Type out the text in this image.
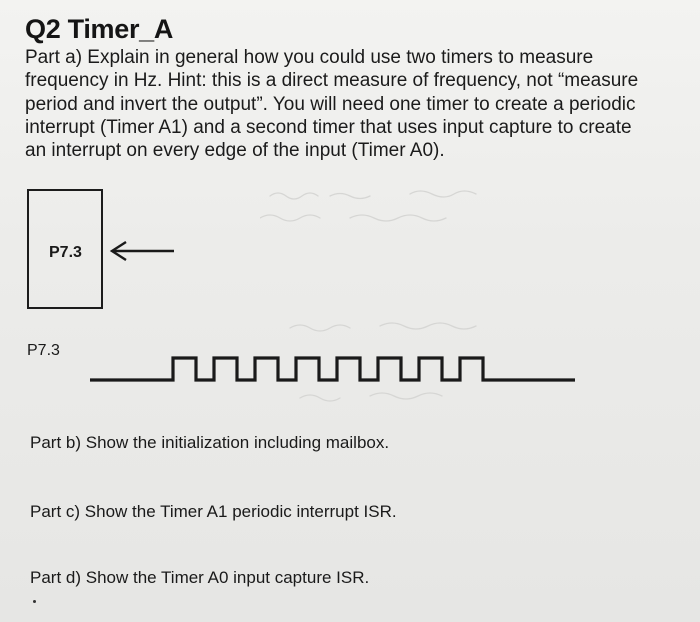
Q2 Timer_A
Part a) Explain in general how you could use two timers to measure
frequency in Hz. Hint: this is a direct measure of frequency, not “measure
period and invert the output”. You will need one timer to create a periodic
interrupt (Timer A1) and a second timer that uses input capture to create
an interrupt on every edge of the input (Timer A0).
P7.3
P7.3
Part b) Show the initialization including mailbox.
Part c) Show the Timer A1 periodic interrupt ISR.
Part d) Show the Timer A0 input capture ISR.
